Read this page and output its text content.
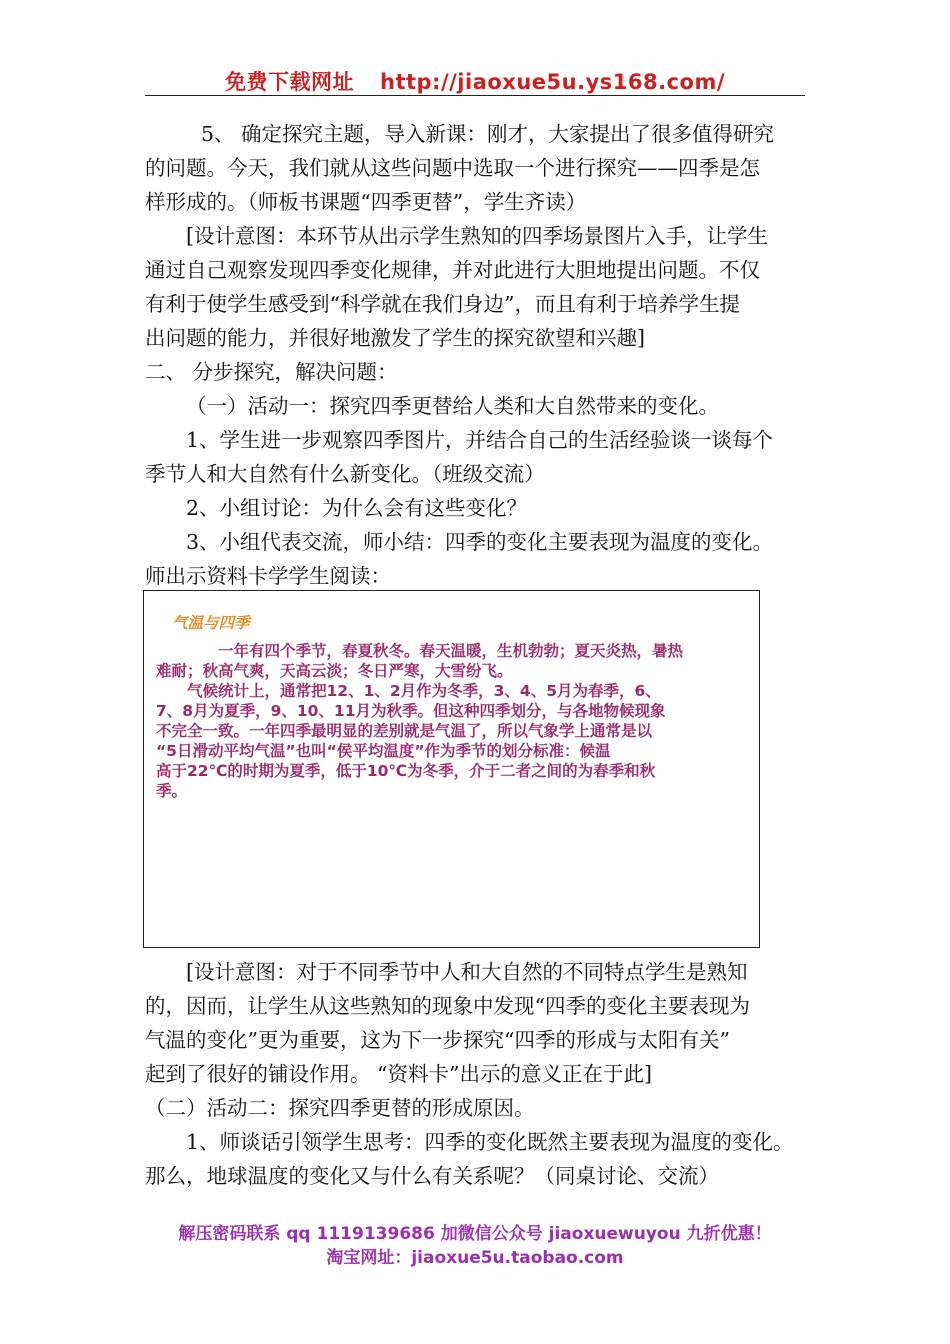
免费下载网址 http://jiaoxue5u.ys168.com/

5、 确定探究主题，导入新课：刚才，大家提出了很多值得研究

的问题。今天，我们就从这些问题中选取一个进行探究——四季是怎

样形成的。（师板书课题“四季更替”，学生齐读）

[设计意图：本环节从出示学生熟知的四季场景图片入手，让学生

通过自己观察发现四季变化规律，并对此进行大胆地提出问题。不仅

有利于使学生感受到“科学就在我们身边”，而且有利于培养学生提

出问题的能力，并很好地激发了学生的探究欲望和兴趣]

二、 分步探究，解决问题：

（一）活动一：探究四季更替给人类和大自然带来的变化。

1、学生进一步观察四季图片，并结合自己的生活经验谈一谈每个

季节人和大自然有什么新变化。（班级交流）

2、小组讨论：为什么会有这些变化？

3、小组代表交流，师小结：四季的变化主要表现为温度的变化。

师出示资料卡学学生阅读：

气温与四季
一年有四个季节，春夏秋冬。春天温暖，生机勃勃；夏天炎热，暑热
难耐；秋高气爽，天高云淡；冬日严寒，大雪纷飞。
气候统计上，通常把12、1、2月作为冬季，3、4、5月为春季，6、
7、8月为夏季，9、10、11月为秋季。但这种四季划分，与各地物候现象
不完全一致。一年四季最明显的差别就是气温了，所以气象学上通常是以
“5日滑动平均气温”也叫“侯平均温度”作为季节的划分标准：候温
高于22℃的时期为夏季，低于10℃为冬季，介于二者之间的为春季和秋
季。

[设计意图：对于不同季节中人和大自然的不同特点学生是熟知

的，因而，让学生从这些熟知的现象中发现“四季的变化主要表现为

气温的变化”更为重要，这为下一步探究“四季的形成与太阳有关”

起到了很好的铺设作用。 “资料卡”出示的意义正在于此]

（二）活动二：探究四季更替的形成原因。

1、师谈话引领学生思考：四季的变化既然主要表现为温度的变化。

那么，地球温度的变化又与什么有关系呢？（同桌讨论、交流）

解压密码联系 qq 1119139686 加微信公众号 jiaoxuewuyou 九折优惠！
淘宝网址：jiaoxue5u.taobao.com
